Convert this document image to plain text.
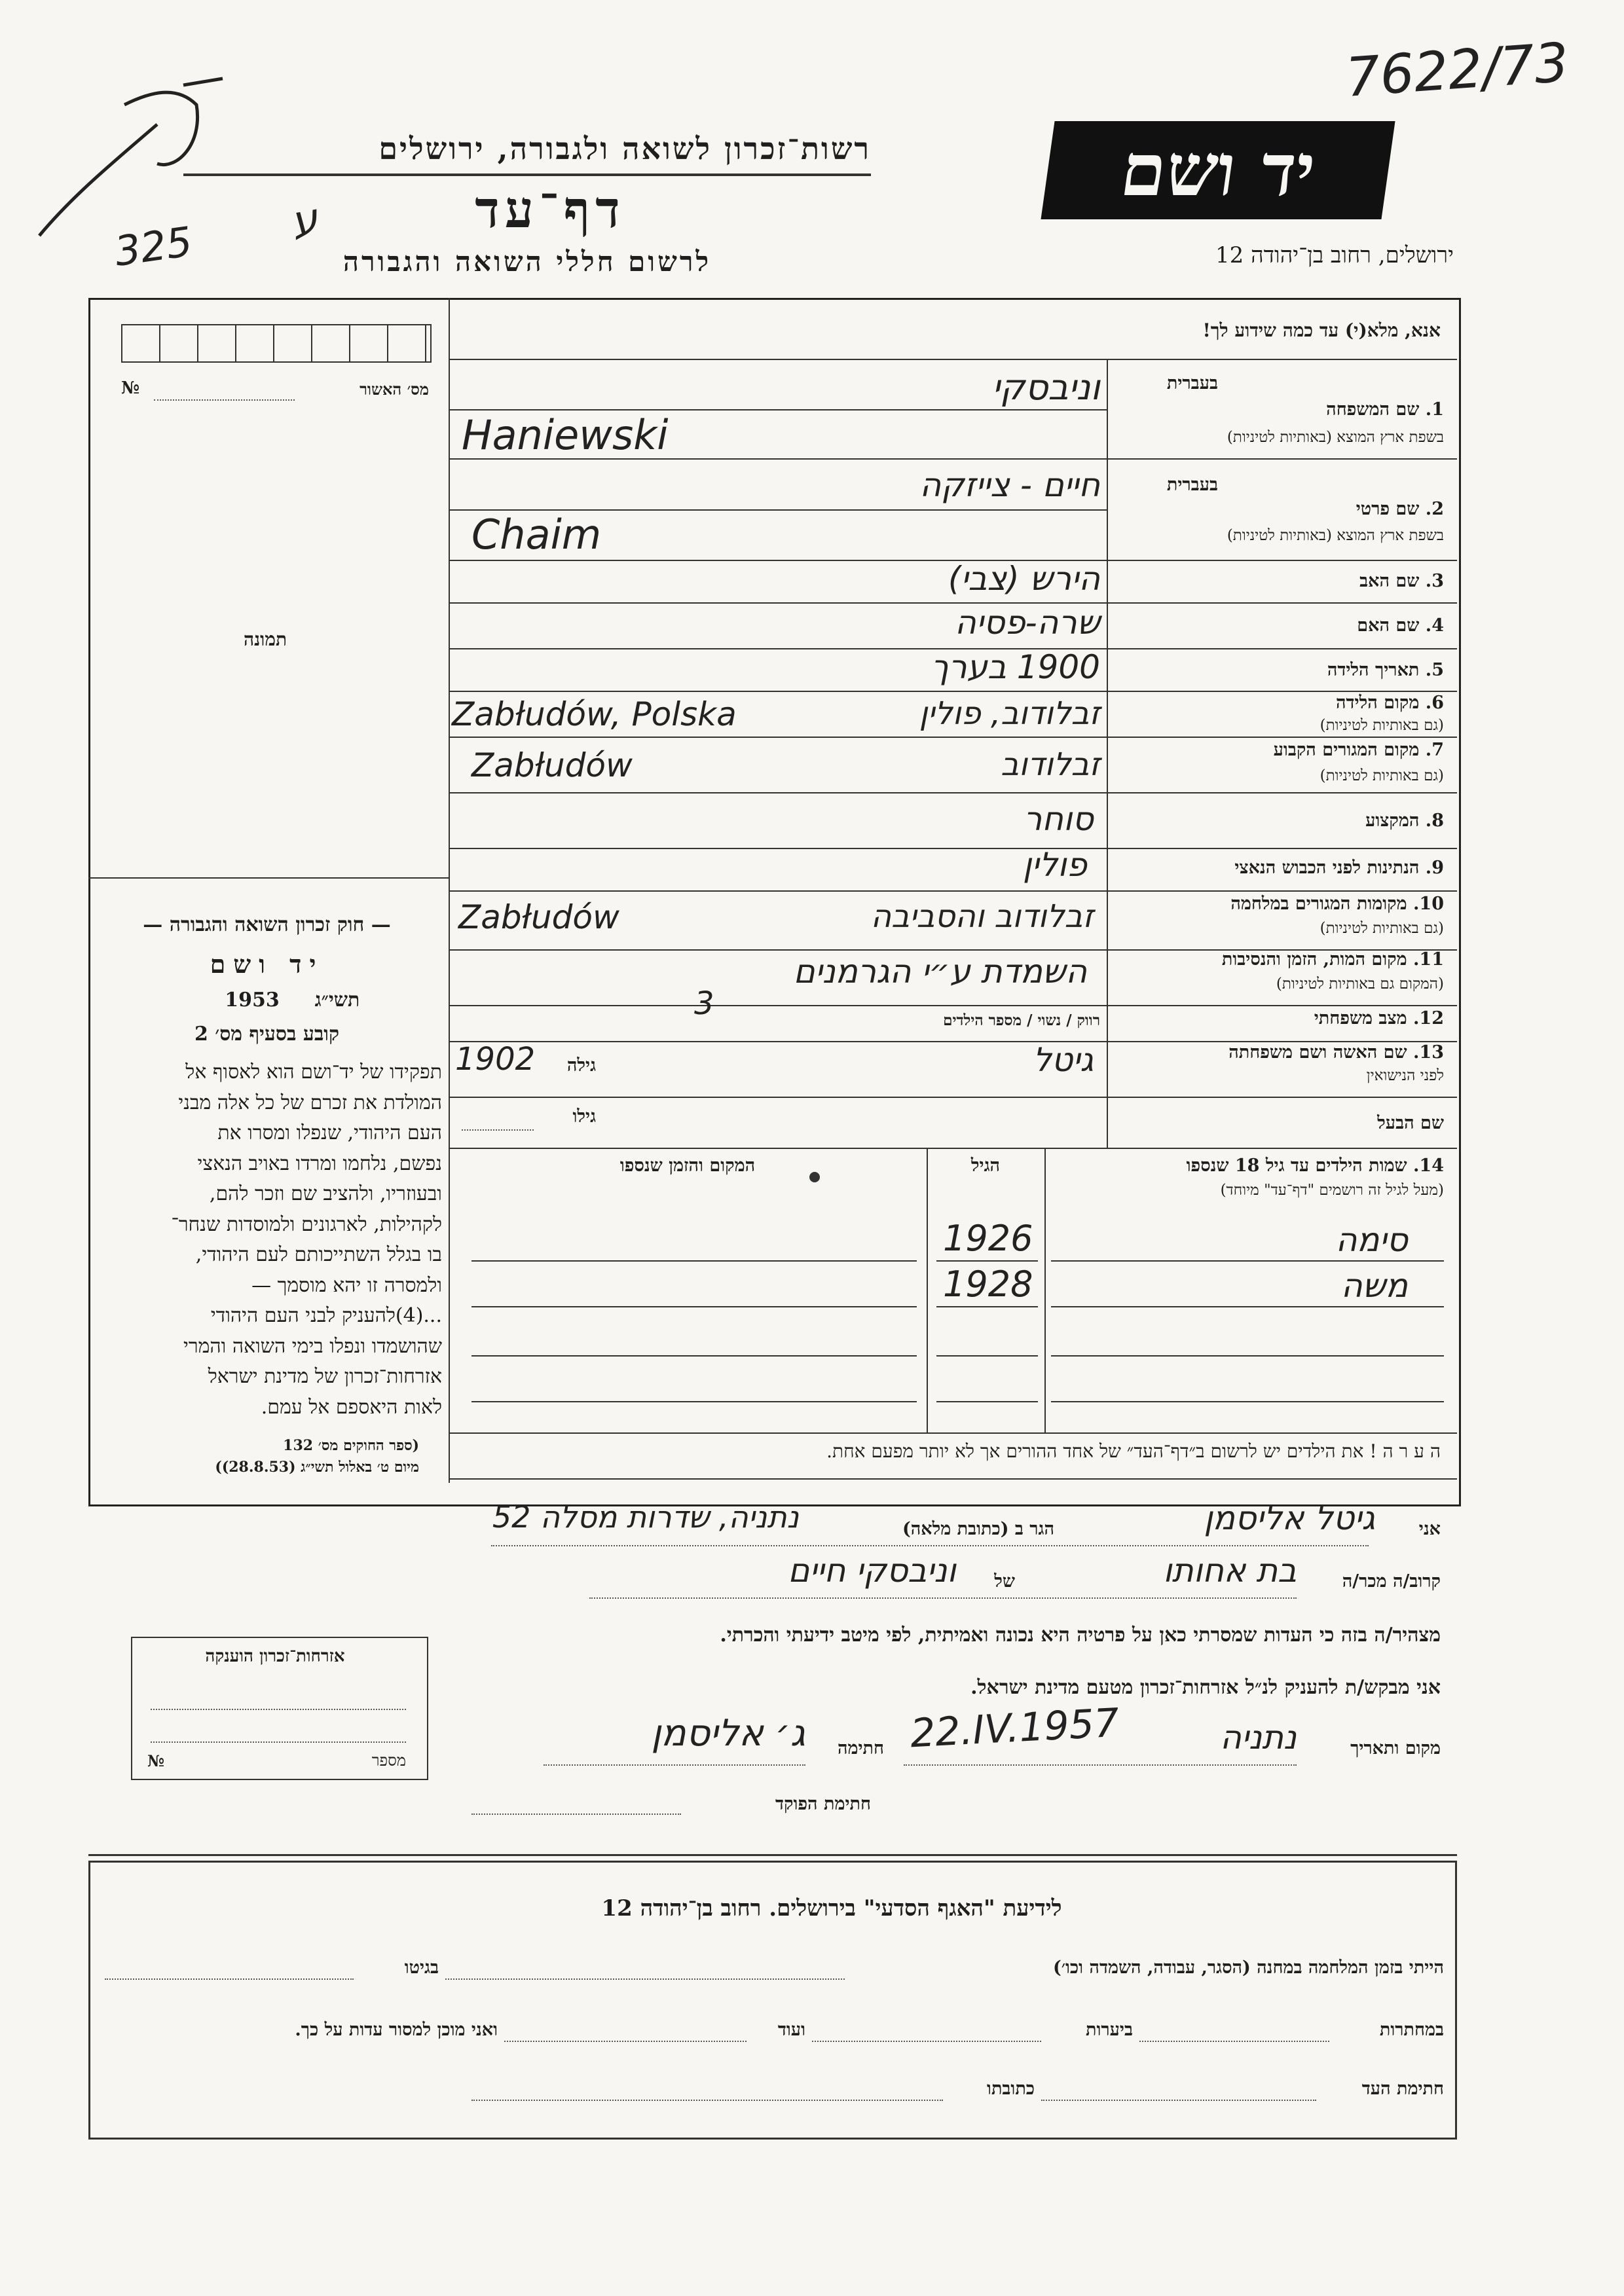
7622/73
325 ע
יד ושם
רשות־זכרון לשואה ולגבורה, ירושלים
דף־עד
לרשום חללי השואה והגבורה	ירושלים, רחוב בן־יהודה 12
מס׳ האשור
№
תמונה
— חוק זכרון השואה והגבורה —
יד ושם
1953	תשי״ג
קובע בסעיף מס׳ 2
תפקידו של יד־ושם הוא לאסוף אל
המולדת את זכרם של כל אלה מבני
העם היהודי, שנפלו ומסרו את
נפשם, נלחמו ומרדו באויב הנאצי
ובעוזריו, ולהציב שם וזכר להם,
לקהילות, לארגונים ולמוסדות שנחר־
בו בגלל השתייכותם לעם היהודי,
ולמסרה זו יהא מוסמך —
...(4)להעניק לבני העם היהודי
שהושמדו ונפלו בימי השואה והמרי
אזרחות־זכרון של מדינת ישראל
לאות היאספם אל עמם.
(ספר החוקים מס׳ 132
מיום ט׳ באלול תשי״ג (28.8.53))
אזרחות־זכרון הוענקה
מספר
№
אנא, מלא(י) עד כמה שידוע לך!
1. שם המשפחה
בשפת ארץ המוצא (באותיות לטיניות)
בעברית
וניבסקי
Haniewski
2. שם פרטי
בשפת ארץ המוצא (באותיות לטיניות)
בעברית
חיים - צייזקה
Chaim
3. שם האב
הירש (צבי)
4. שם האם
שרה-פסיה
5. תאריך הלידה
1900 בערך
6. מקום הלידה
(גם באותיות לטיניות)
זבלודוב, פולין
Zabłudów, Polska
7. מקום המגורים הקבוע
(גם באותיות לטיניות)
זבלודוב
Zabłudów
8. המקצוע
סוחר
9. הנתינות לפני הכבוש הנאצי
פולין
10. מקומות המגורים במלחמה
(גם באותיות לטיניות)
זבלודוב והסביבה
Zabłudów
11. מקום המות, הזמן והנסיבות
(המקום גם באותיות לטיניות)
השמדת ע״י הגרמנים
12. מצב משפחתי
רווק / נשוי / מספר הילדים
3
13. שם האשה ושם משפחתה
לפני הנישואין
גיטל
גילה
1902
שם הבעל
גילו
14. שמות הילדים עד גיל 18 שנספו
(מעל לגיל זה רושמים "דף־עד" מיוחד)
הגיל
המקום והזמן שנספו
סימה
1926
משה
1928
ה ע ר ה ! את הילדים יש לרשום ב״דף־העד״ של אחד ההורים אך לא יותר מפעם אחת.
אני
גיטל אליסמן
הגר ב (כתובת מלאה)
נתניה, שדרות מסלה 52
קרוב/ה מכר/ה
בת אחותו
של
וניבסקי חיים
מצהיר/ה בזה כי העדות שמסרתי כאן על פרטיה היא נכונה ואמיתית, לפי מיטב ידיעתי והכרתי.
אני מבקש/ת להעניק לנ״ל אזרחות־זכרון מטעם מדינת ישראל.
מקום ותאריך
נתניה
22.IV.1957
חתימה
ג׳ אליסמן
חתימת הפוקד
לידיעת "האגף הסדעי" בירושלים. רחוב בן־יהודה 12
הייתי בזמן המלחמה במחנה (הסגר, עבודה, השמדה וכו׳)
בגיטו
במחתרות
ביערות
ועוד
ואני מוכן למסור עדות על כך.
חתימת העד
כתובתו
